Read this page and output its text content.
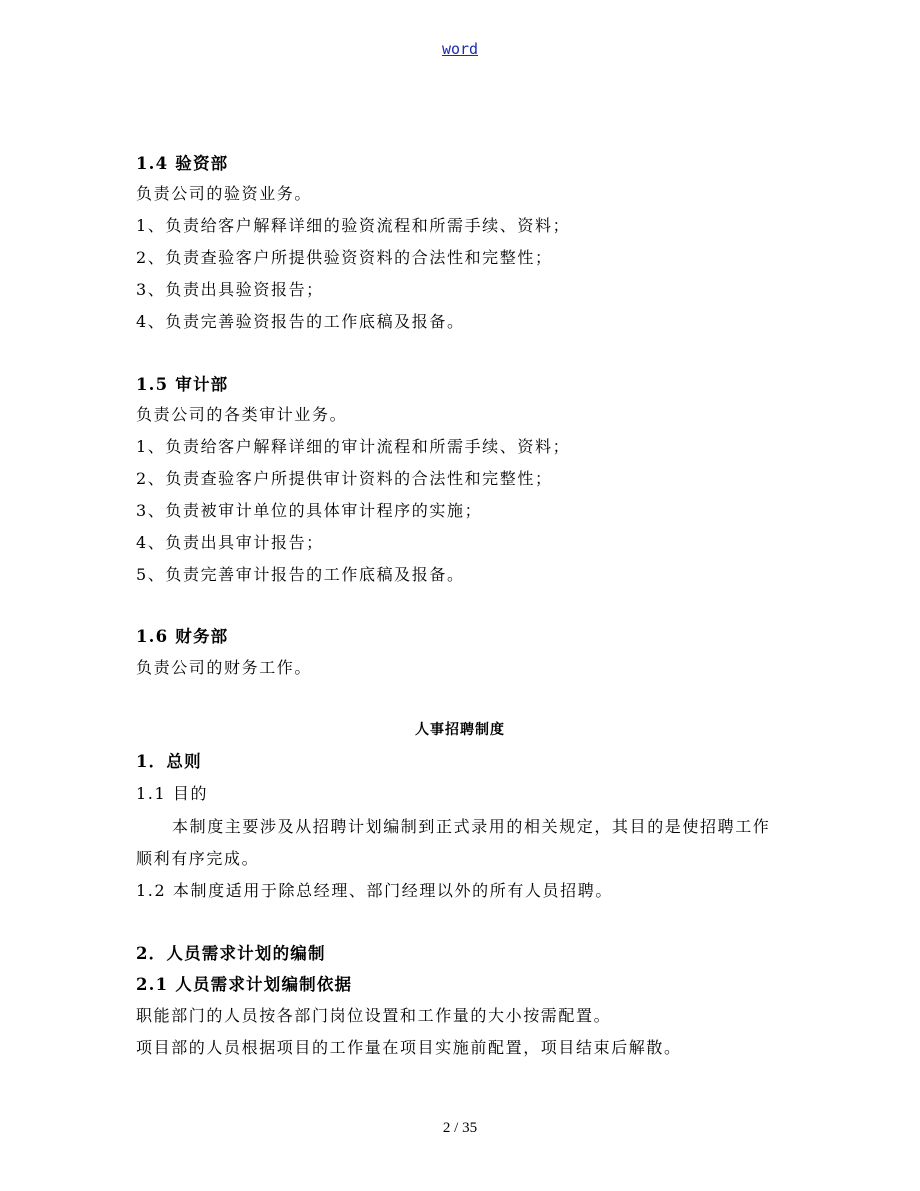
word
1.4 验资部
负责公司的验资业务。
1、负责给客户解释详细的验资流程和所需手续、资料；
2、负责查验客户所提供验资资料的合法性和完整性；
3、负责出具验资报告；
4、负责完善验资报告的工作底稿及报备。
1.5 审计部
负责公司的各类审计业务。
1、负责给客户解释详细的审计流程和所需手续、资料；
2、负责查验客户所提供审计资料的合法性和完整性；
3、负责被审计单位的具体审计程序的实施；
4、负责出具审计报告；
5、负责完善审计报告的工作底稿及报备。
1.6 财务部
负责公司的财务工作。
1．总则
1.1 目的
本制度主要涉及从招聘计划编制到正式录用的相关规定，其目的是使招聘工作
顺利有序完成。
1.2 本制度适用于除总经理、部门经理以外的所有人员招聘。
2．人员需求计划的编制
2.1 人员需求计划编制依据
职能部门的人员按各部门岗位设置和工作量的大小按需配置。
项目部的人员根据项目的工作量在项目实施前配置，项目结束后解散。
人事招聘制度
2 / 35
